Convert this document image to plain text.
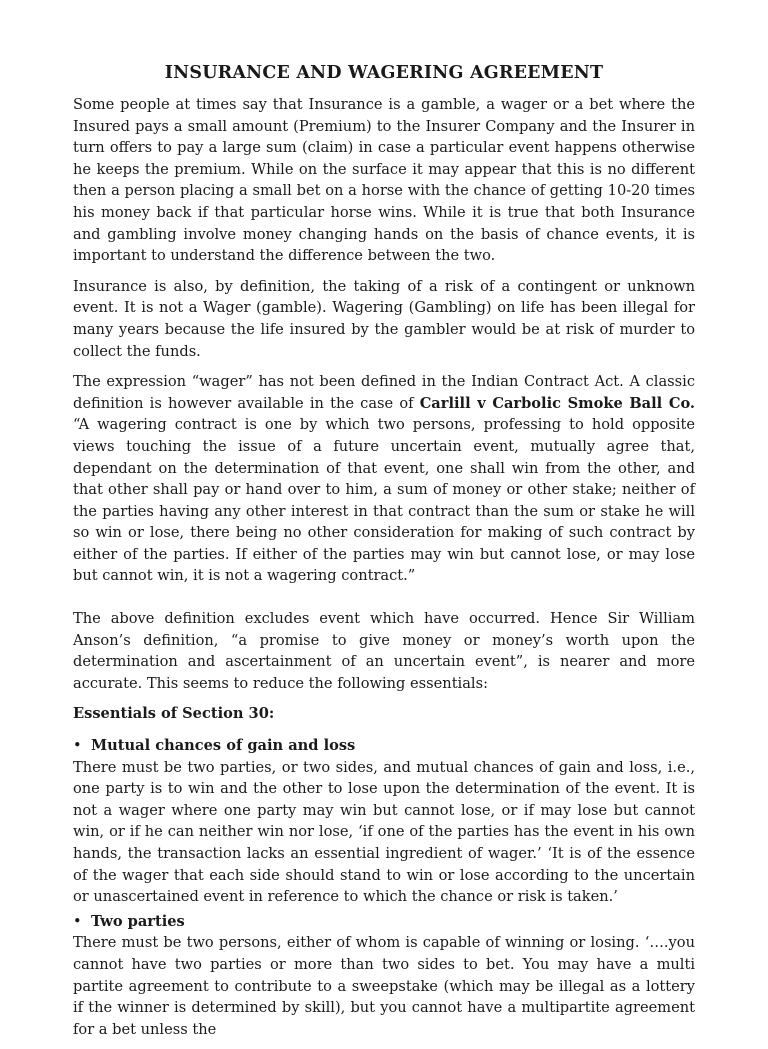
INSURANCE AND WAGERING AGREEMENT

Some people at times say that Insurance is a gamble, a wager or a bet where the Insured pays a small amount (Premium) to the Insurer Company and the Insurer in turn offers to pay a large sum (claim) in case a particular event happens otherwise he keeps the premium. While on the surface it may appear that this is no different then a person placing a small bet on a horse with the chance of getting 10-20 times his money back if that particular horse wins. While it is true that both Insurance and gambling involve money changing hands on the basis of chance events, it is important to understand the difference between the two.

Insurance is also, by definition, the taking of a risk of a contingent or unknown event. It is not a Wager (gamble). Wagering (Gambling) on life has been illegal for many years because the life insured by the gambler would be at risk of murder to collect the funds.

The expression “wager” has not been defined in the Indian Contract Act. A classic definition is however available in the case of Carlill v Carbolic Smoke Ball Co. “A wagering contract is one by which two persons, professing to hold opposite views touching the issue of a future uncertain event, mutually agree that, dependant on the determination of that event, one shall win from the other, and that other shall pay or hand over to him, a sum of money or other stake; neither of the parties having any other interest in that contract than the sum or stake he will so win or lose, there being no other consideration for making of such contract by either of the parties. If either of the parties may win but cannot lose, or may lose but cannot win, it is not a wagering contract.”

The above definition excludes event which have occurred. Hence Sir William Anson’s definition, “a promise to give money or money’s worth upon the determination and ascertainment of an uncertain event”, is nearer and more accurate. This seems to reduce the following essentials:

Essentials of Section 30:
• Mutual chances of gain and loss

There must be two parties, or two sides, and mutual chances of gain and loss, i.e., one party is to win and the other to lose upon the determination of the event. It is not a wager where one party may win but cannot lose, or if may lose but cannot win, or if he can neither win nor lose, ‘if one of the parties has the event in his own hands, the transaction lacks an essential ingredient of wager.’ ‘It is of the essence of the wager that each side should stand to win or lose according to the uncertain or unascertained event in reference to which the chance or risk is taken.’

• Two parties

There must be two persons, either of whom is capable of winning or losing. ‘….you cannot have two parties or more than two sides to bet. You may have a multi partite agreement to contribute to a sweepstake (which may be illegal as a lottery if the winner is determined by skill), but you cannot have a multipartite agreement for a bet unless the
